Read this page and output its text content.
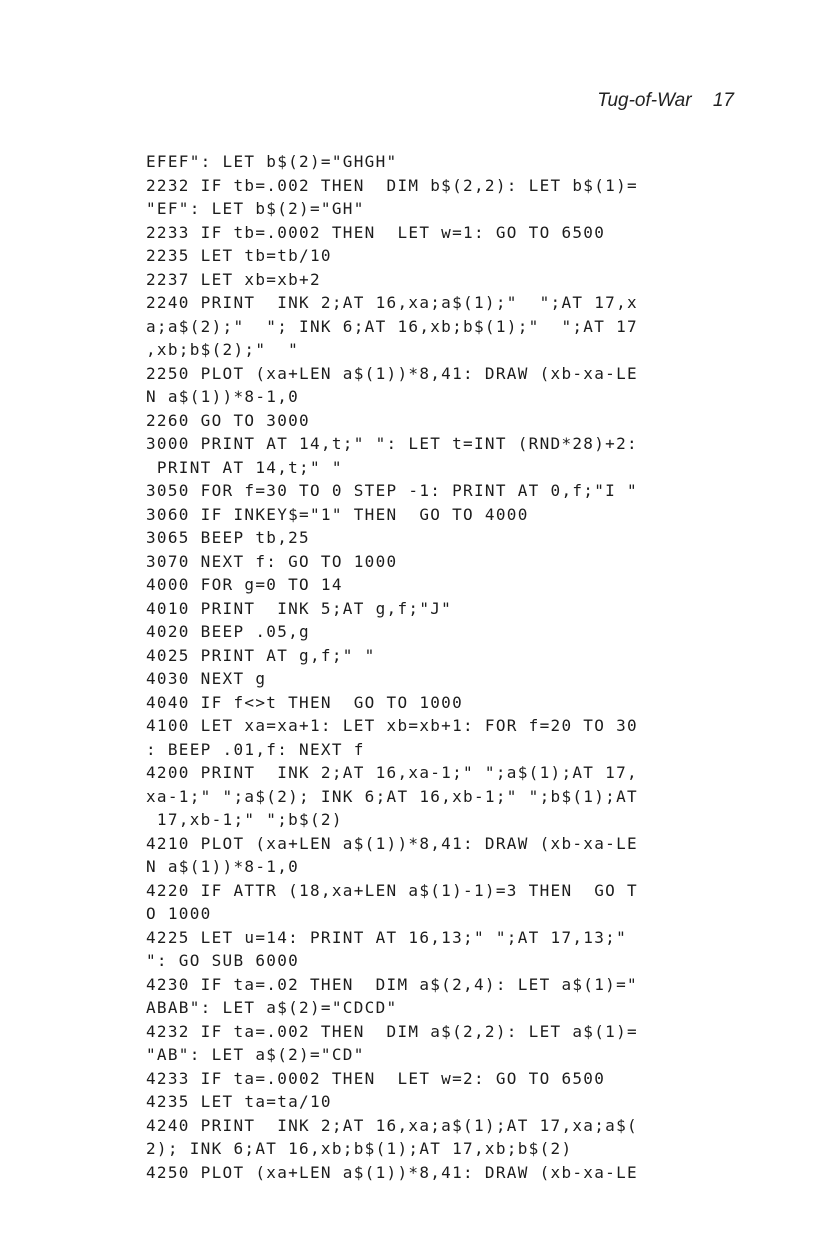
Tug-of-War 17
EFEF": LET b$(2)="GHGH"
2232 IF tb=.002 THEN  DIM b$(2,2): LET b$(1)=
"EF": LET b$(2)="GH"
2233 IF tb=.0002 THEN  LET w=1: GO TO 6500
2235 LET tb=tb/10
2237 LET xb=xb+2
2240 PRINT  INK 2;AT 16,xa;a$(1);"  ";AT 17,x
a;a$(2);"  "; INK 6;AT 16,xb;b$(1);"  ";AT 17
,xb;b$(2);"  "
2250 PLOT (xa+LEN a$(1))*8,41: DRAW (xb-xa-LE
N a$(1))*8-1,0
2260 GO TO 3000
3000 PRINT AT 14,t;" ": LET t=INT (RND*28)+2:
PRINT AT 14,t;" "
3050 FOR f=30 TO 0 STEP -1: PRINT AT 0,f;"I "
3060 IF INKEY$="1" THEN  GO TO 4000
3065 BEEP tb,25
3070 NEXT f: GO TO 1000
4000 FOR g=0 TO 14
4010 PRINT  INK 5;AT g,f;"J"
4020 BEEP .05,g
4025 PRINT AT g,f;" "
4030 NEXT g
4040 IF f<>t THEN  GO TO 1000
4100 LET xa=xa+1: LET xb=xb+1: FOR f=20 TO 30
: BEEP .01,f: NEXT f
4200 PRINT  INK 2;AT 16,xa-1;" ";a$(1);AT 17,
xa-1;" ";a$(2); INK 6;AT 16,xb-1;" ";b$(1);AT
17,xb-1;" ";b$(2)
4210 PLOT (xa+LEN a$(1))*8,41: DRAW (xb-xa-LE
N a$(1))*8-1,0
4220 IF ATTR (18,xa+LEN a$(1)-1)=3 THEN  GO T
O 1000
4225 LET u=14: PRINT AT 16,13;" ";AT 17,13;"
": GO SUB 6000
4230 IF ta=.02 THEN  DIM a$(2,4): LET a$(1)="
ABAB": LET a$(2)="CDCD"
4232 IF ta=.002 THEN  DIM a$(2,2): LET a$(1)=
"AB": LET a$(2)="CD"
4233 IF ta=.0002 THEN  LET w=2: GO TO 6500
4235 LET ta=ta/10
4240 PRINT  INK 2;AT 16,xa;a$(1);AT 17,xa;a$(
2); INK 6;AT 16,xb;b$(1);AT 17,xb;b$(2)
4250 PLOT (xa+LEN a$(1))*8,41: DRAW (xb-xa-LE
